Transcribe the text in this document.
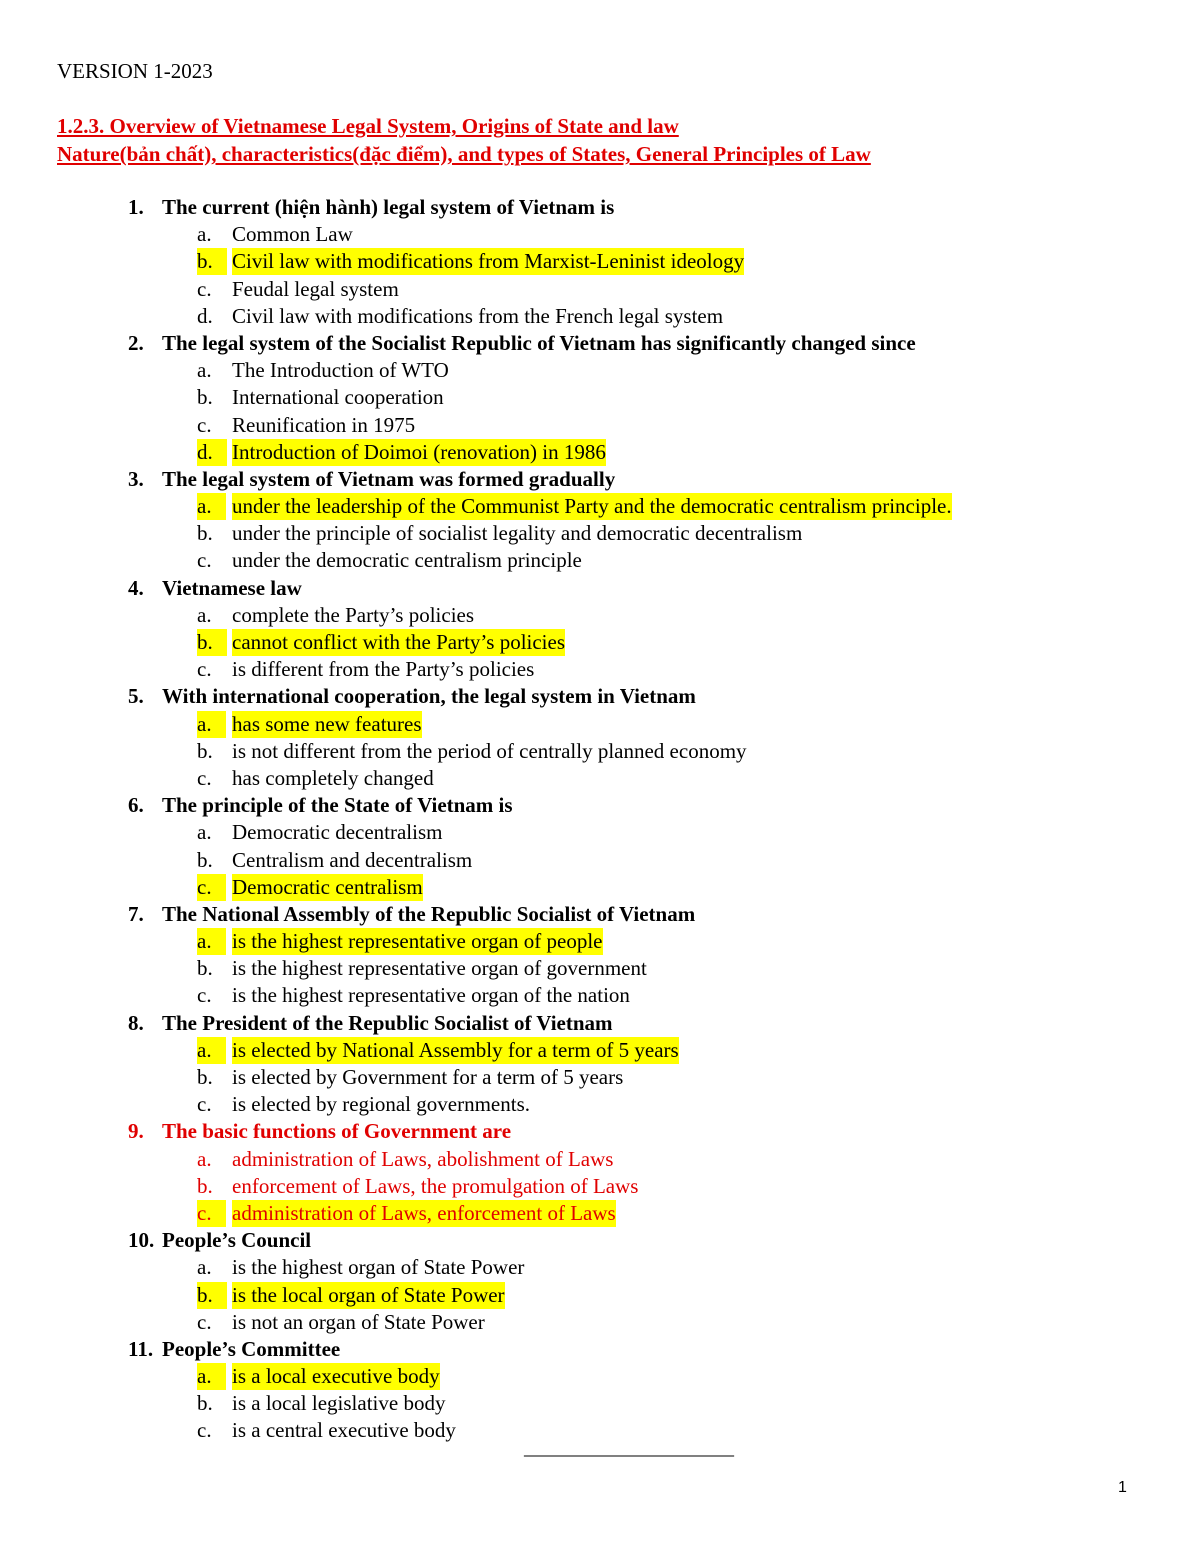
VERSION 1-2023
1.2.3. Overview of Vietnamese Legal System, Origins of State and law
Nature(bản chất), characteristics(đặc điểm), and types of States, General Principles of Law
1. The current (hiện hành) legal system of Vietnam is
a. Common Law
b. Civil law with modifications from Marxist-Leninist ideology
c. Feudal legal system
d. Civil law with modifications from the French legal system
2. The legal system of the Socialist Republic of Vietnam has significantly changed since
a. The Introduction of WTO
b. International cooperation
c. Reunification in 1975
d. Introduction of Doimoi (renovation) in 1986
3. The legal system of Vietnam was formed gradually
a. under the leadership of the Communist Party and the democratic centralism principle.
b. under the principle of socialist legality and democratic decentralism
c. under the democratic centralism principle
4. Vietnamese law
a. complete the Party’s policies
b. cannot conflict with the Party’s policies
c. is different from the Party’s policies
5. With international cooperation, the legal system in Vietnam
a. has some new features
b. is not different from the period of centrally planned economy
c. has completely changed
6. The principle of the State of Vietnam is
a. Democratic decentralism
b. Centralism and decentralism
c. Democratic centralism
7. The National Assembly of the Republic Socialist of Vietnam
a. is the highest representative organ of people
b. is the highest representative organ of government
c. is the highest representative organ of the nation
8. The President of the Republic Socialist of Vietnam
a. is elected by National Assembly for a term of 5 years
b. is elected by Government for a term of 5 years
c. is elected by regional governments.
9. The basic functions of Government are
a. administration of Laws, abolishment of Laws
b. enforcement of Laws, the promulgation of Laws
c. administration of Laws, enforcement of Laws
10. People’s Council
a. is the highest organ of State Power
b. is the local organ of State Power
c. is not an organ of State Power
11. People’s Committee
a. is a local executive body
b. is a local legislative body
c. is a central executive body
——————————
1
